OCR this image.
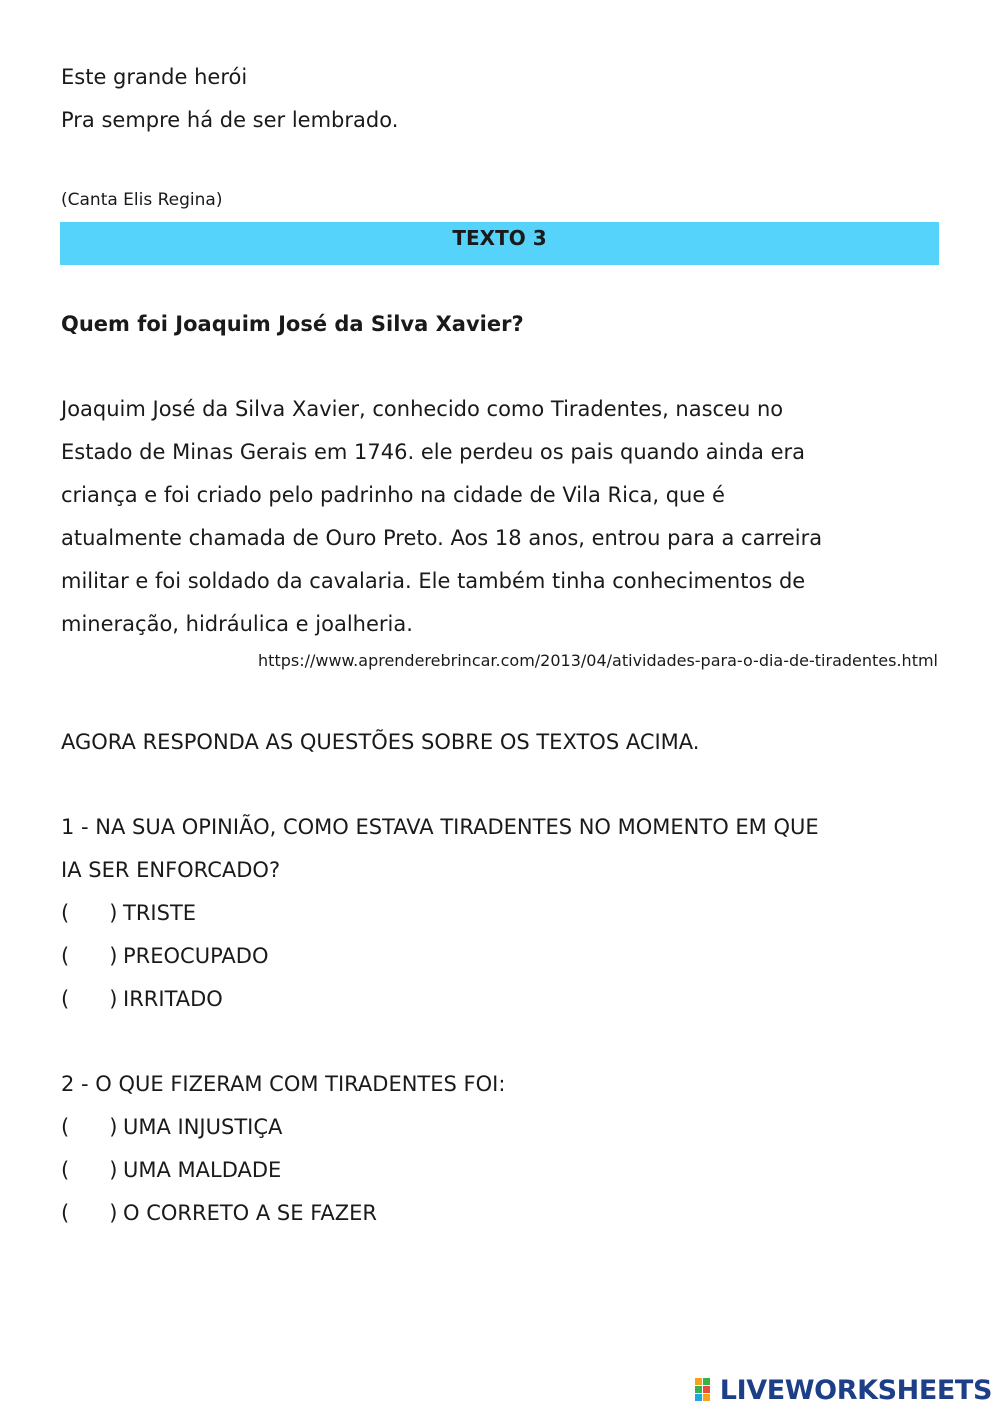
Este grande herói
Pra sempre há de ser lembrado.
(Canta Elis Regina)
TEXTO 3
Quem foi Joaquim José da Silva Xavier?
Joaquim José da Silva Xavier, conhecido como Tiradentes, nasceu no
Estado de Minas Gerais em 1746. ele perdeu os pais quando ainda era
criança e foi criado pelo padrinho na cidade de Vila Rica, que é
atualmente chamada de Ouro Preto. Aos 18 anos, entrou para a carreira
militar e foi soldado da cavalaria. Ele também tinha conhecimentos de
mineração, hidráulica e joalheria.
https://www.aprenderebrincar.com/2013/04/atividades-para-o-dia-de-tiradentes.html
AGORA RESPONDA AS QUESTÕES SOBRE OS TEXTOS ACIMA.
1 - NA SUA OPINIÃO, COMO ESTAVA TIRADENTES NO MOMENTO EM QUE
IA SER ENFORCADO?
(      ) TRISTE
(      ) PREOCUPADO
(      ) IRRITADO
2 - O QUE FIZERAM COM TIRADENTES FOI:
(      ) UMA INJUSTIÇA
(      ) UMA MALDADE
(      ) O CORRETO A SE FAZER
LIVEWORKSHEETS
